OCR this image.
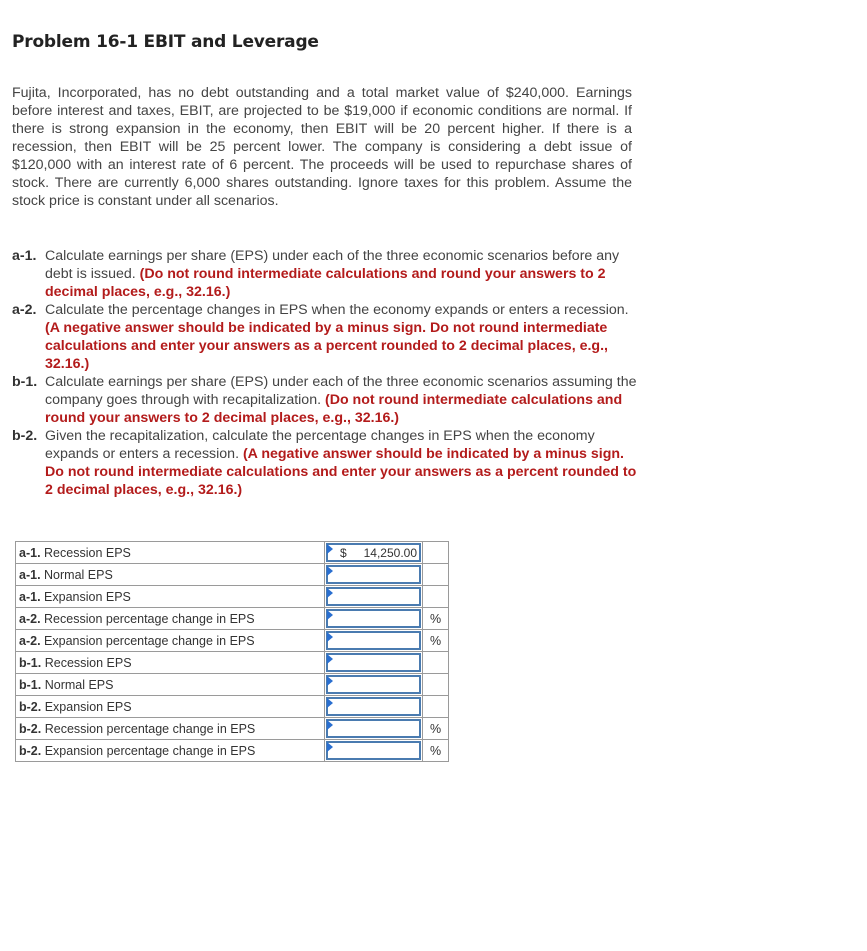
Problem 16-1 EBIT and Leverage
Fujita, Incorporated, has no debt outstanding and a total market value of $240,000. Earnings before interest and taxes, EBIT, are projected to be $19,000 if economic conditions are normal. If there is strong expansion in the economy, then EBIT will be 20 percent higher. If there is a recession, then EBIT will be 25 percent lower. The company is considering a debt issue of $120,000 with an interest rate of 6 percent. The proceeds will be used to repurchase shares of stock. There are currently 6,000 shares outstanding. Ignore taxes for this problem. Assume the stock price is constant under all scenarios.
a-1. Calculate earnings per share (EPS) under each of the three economic scenarios before any debt is issued. (Do not round intermediate calculations and round your answers to 2 decimal places, e.g., 32.16.)
a-2. Calculate the percentage changes in EPS when the economy expands or enters a recession. (A negative answer should be indicated by a minus sign. Do not round intermediate calculations and enter your answers as a percent rounded to 2 decimal places, e.g., 32.16.)
b-1. Calculate earnings per share (EPS) under each of the three economic scenarios assuming the company goes through with recapitalization. (Do not round intermediate calculations and round your answers to 2 decimal places, e.g., 32.16.)
b-2. Given the recapitalization, calculate the percentage changes in EPS when the economy expands or enters a recession. (A negative answer should be indicated by a minus sign. Do not round intermediate calculations and enter your answers as a percent rounded to 2 decimal places, e.g., 32.16.)
a-1. Recession EPS	$ 14,250.00	

a-1. Normal EPS	

a-1. Expansion EPS	

a-2. Recession percentage change in EPS		%
a-2. Expansion percentage change in EPS		%
b-1. Recession EPS	

b-1. Normal EPS	

b-2. Expansion EPS	

b-2. Recession percentage change in EPS		%
b-2. Expansion percentage change in EPS		%
